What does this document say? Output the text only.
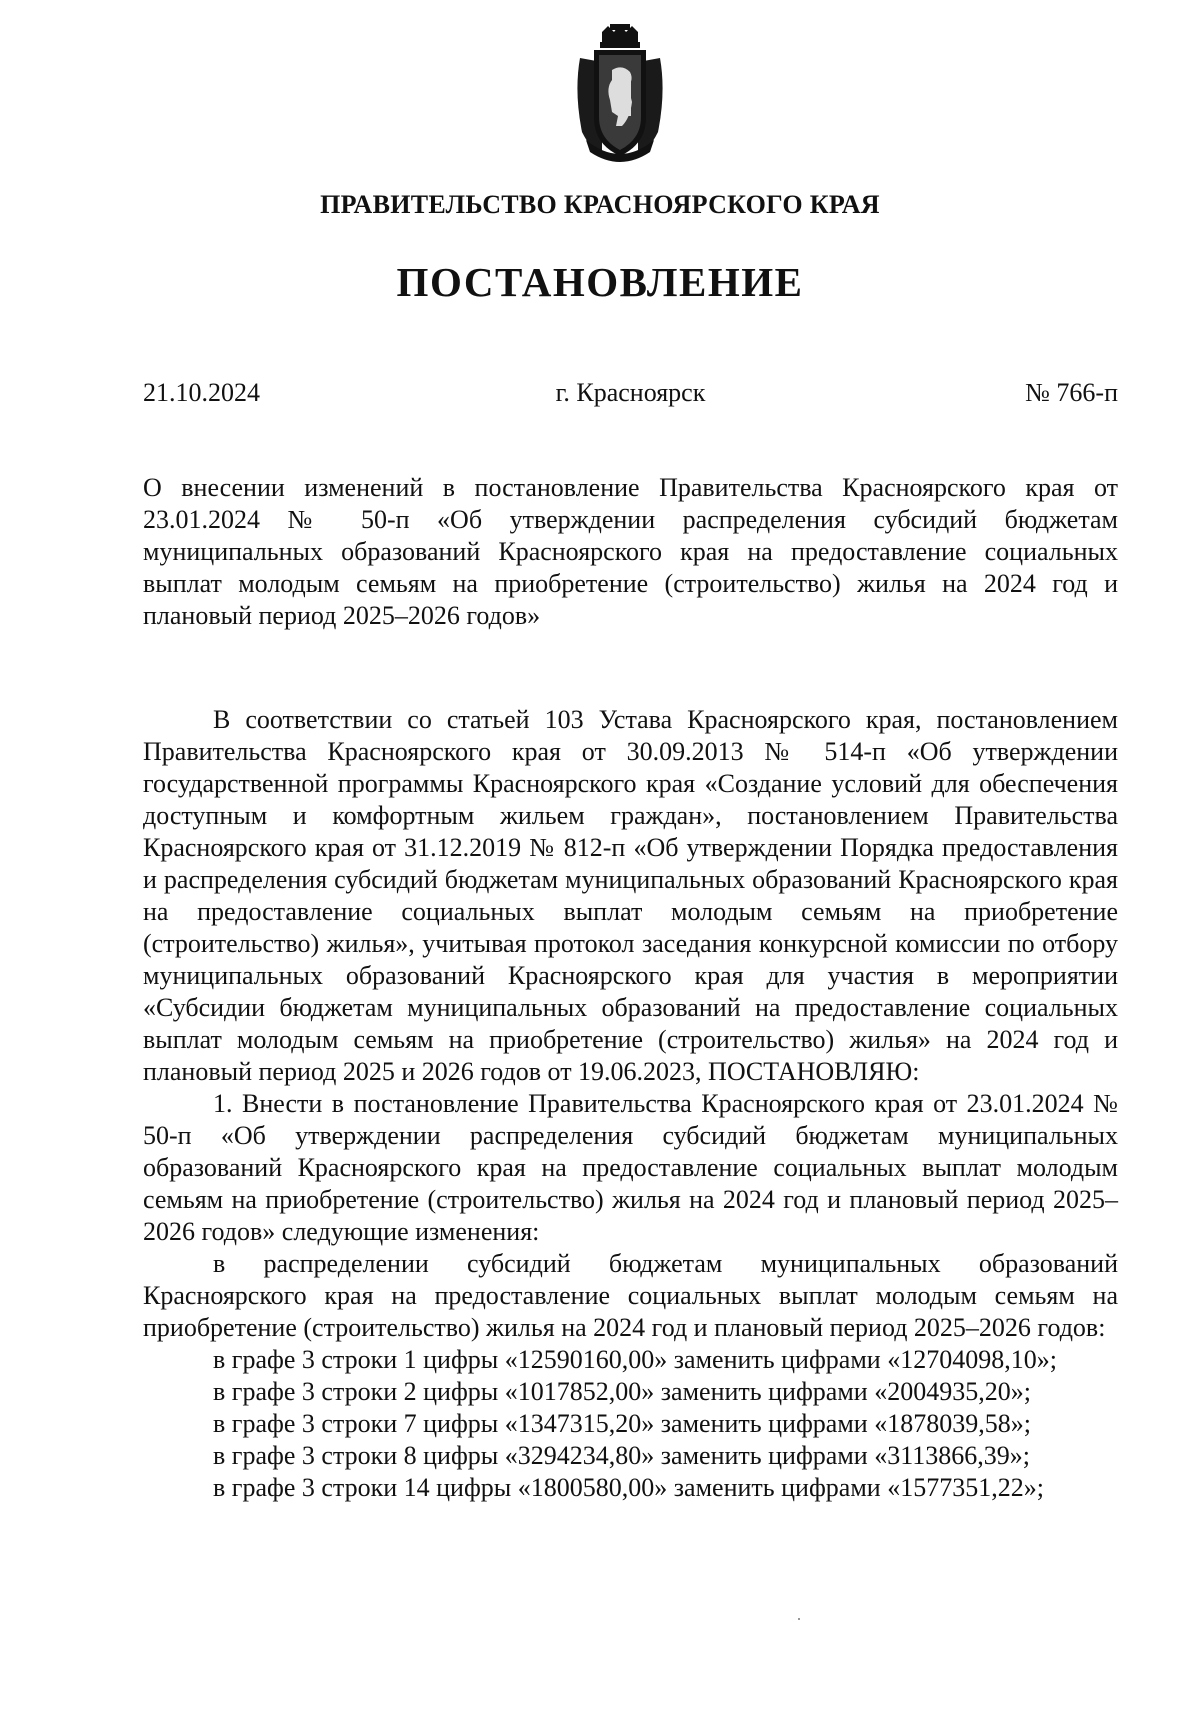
ПРАВИТЕЛЬСТВО КРАСНОЯРСКОГО КРАЯ
ПОСТАНОВЛЕНИЕ
21.10.2024	г. Красноярск	№ 766-п
О внесении изменений в постановление Правительства Красноярского края от 23.01.2024 № 50-п «Об утверждении распределения субсидий бюджетам муниципальных образований Красноярского края на предоставление социальных выплат молодым семьям на приобретение (строительство) жилья на 2024 год и плановый период 2025–2026 годов»

В соответствии со статьей 103 Устава Красноярского края, постановлением Правительства Красноярского края от 30.09.2013 № 514-п «Об утверждении государственной программы Красноярского края «Создание условий для обеспечения доступным и комфортным жильем граждан», постановлением Правительства Красноярского края от 31.12.2019 № 812-п «Об утверждении Порядка предоставления и распределения субсидий бюджетам муниципальных образований Красноярского края на предоставление социальных выплат молодым семьям на приобретение (строительство) жилья», учитывая протокол заседания конкурсной комиссии по отбору муниципальных образований Красноярского края для участия в мероприятии «Субсидии бюджетам муниципальных образований на предоставление социальных выплат молодым семьям на приобретение (строительство) жилья» на 2024 год и плановый период 2025 и 2026 годов от 19.06.2023, ПОСТАНОВЛЯЮ:

1. Внести в постановление Правительства Красноярского края от 23.01.2024 № 50-п «Об утверждении распределения субсидий бюджетам муниципальных образований Красноярского края на предоставление социальных выплат молодым семьям на приобретение (строительство) жилья на 2024 год и плановый период 2025–2026 годов» следующие изменения:

в распределении субсидий бюджетам муниципальных образований Красноярского края на предоставление социальных выплат молодым семьям на приобретение (строительство) жилья на 2024 год и плановый период 2025–2026 годов:

в графе 3 строки 1 цифры «12590160,00» заменить цифрами «12704098,10»;
в графе 3 строки 2 цифры «1017852,00» заменить цифрами «2004935,20»;
в графе 3 строки 7 цифры «1347315,20» заменить цифрами «1878039,58»;
в графе 3 строки 8 цифры «3294234,80» заменить цифрами «3113866,39»;
в графе 3 строки 14 цифры «1800580,00» заменить цифрами «1577351,22»;
